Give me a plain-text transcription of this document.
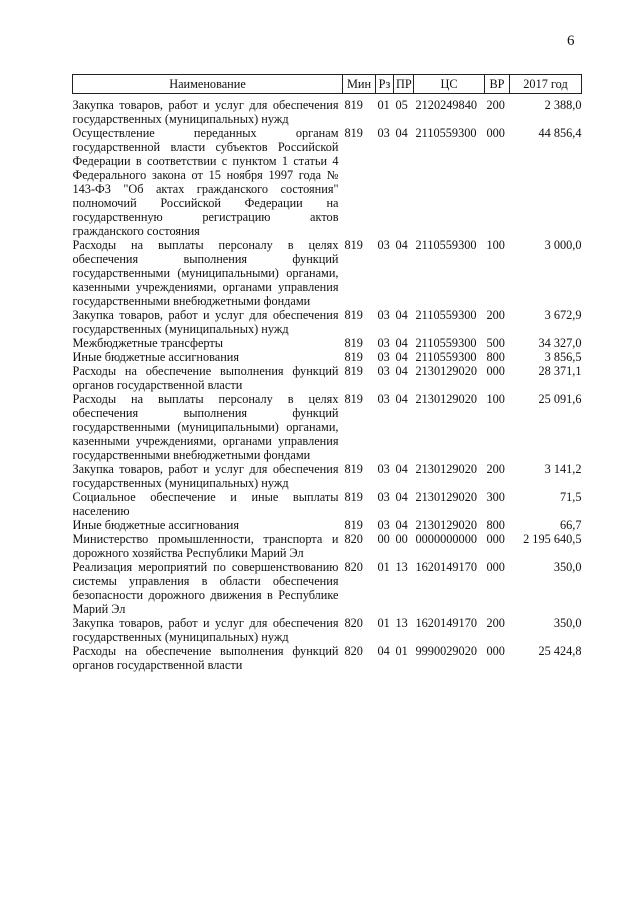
6
Наименование	Мин	Рз	ПР	ЦС	ВР	2017 год
Закупка товаров, работ и услуг для обеспечения государственных (муниципальных) нужд	819	01	05	2120249840	200	2 388,0
Осуществление переданных органам государственной власти субъектов Российской Федерации в соответствии с пунктом 1 статьи 4 Федерального закона от 15 ноября 1997 года № 143-ФЗ "Об актах гражданского состояния" полномочий Российской Федерации на государственную регистрацию актов гражданского состояния	819	03	04	2110559300	000	44 856,4
Расходы на выплаты персоналу в целях обеспечения выполнения функций государственными (муниципальными) органами, казенными учреждениями, органами управления государственными внебюджетными фондами	819	03	04	2110559300	100	3 000,0
Закупка товаров, работ и услуг для обеспечения государственных (муниципальных) нужд	819	03	04	2110559300	200	3 672,9
Межбюджетные трансферты	819	03	04	2110559300	500	34 327,0
Иные бюджетные ассигнования	819	03	04	2110559300	800	3 856,5
Расходы на обеспечение выполнения функций органов государственной власти	819	03	04	2130129020	000	28 371,1
Расходы на выплаты персоналу в целях обеспечения выполнения функций государственными (муниципальными) органами, казенными учреждениями, органами управления государственными внебюджетными фондами	819	03	04	2130129020	100	25 091,6
Закупка товаров, работ и услуг для обеспечения государственных (муниципальных) нужд	819	03	04	2130129020	200	3 141,2
Социальное обеспечение и иные выплаты населению	819	03	04	2130129020	300	71,5
Иные бюджетные ассигнования	819	03	04	2130129020	800	66,7
Министерство промышленности, транспорта и дорожного хозяйства Республики Марий Эл	820	00	00	0000000000	000	2 195 640,5
Реализация мероприятий по совершенствованию системы управления в области обеспечения безопасности дорожного движения в Республике Марий Эл	820	01	13	1620149170	000	350,0
Закупка товаров, работ и услуг для обеспечения государственных (муниципальных) нужд	820	01	13	1620149170	200	350,0
Расходы на обеспечение выполнения функций органов государственной власти	820	04	01	9990029020	000	25 424,8
